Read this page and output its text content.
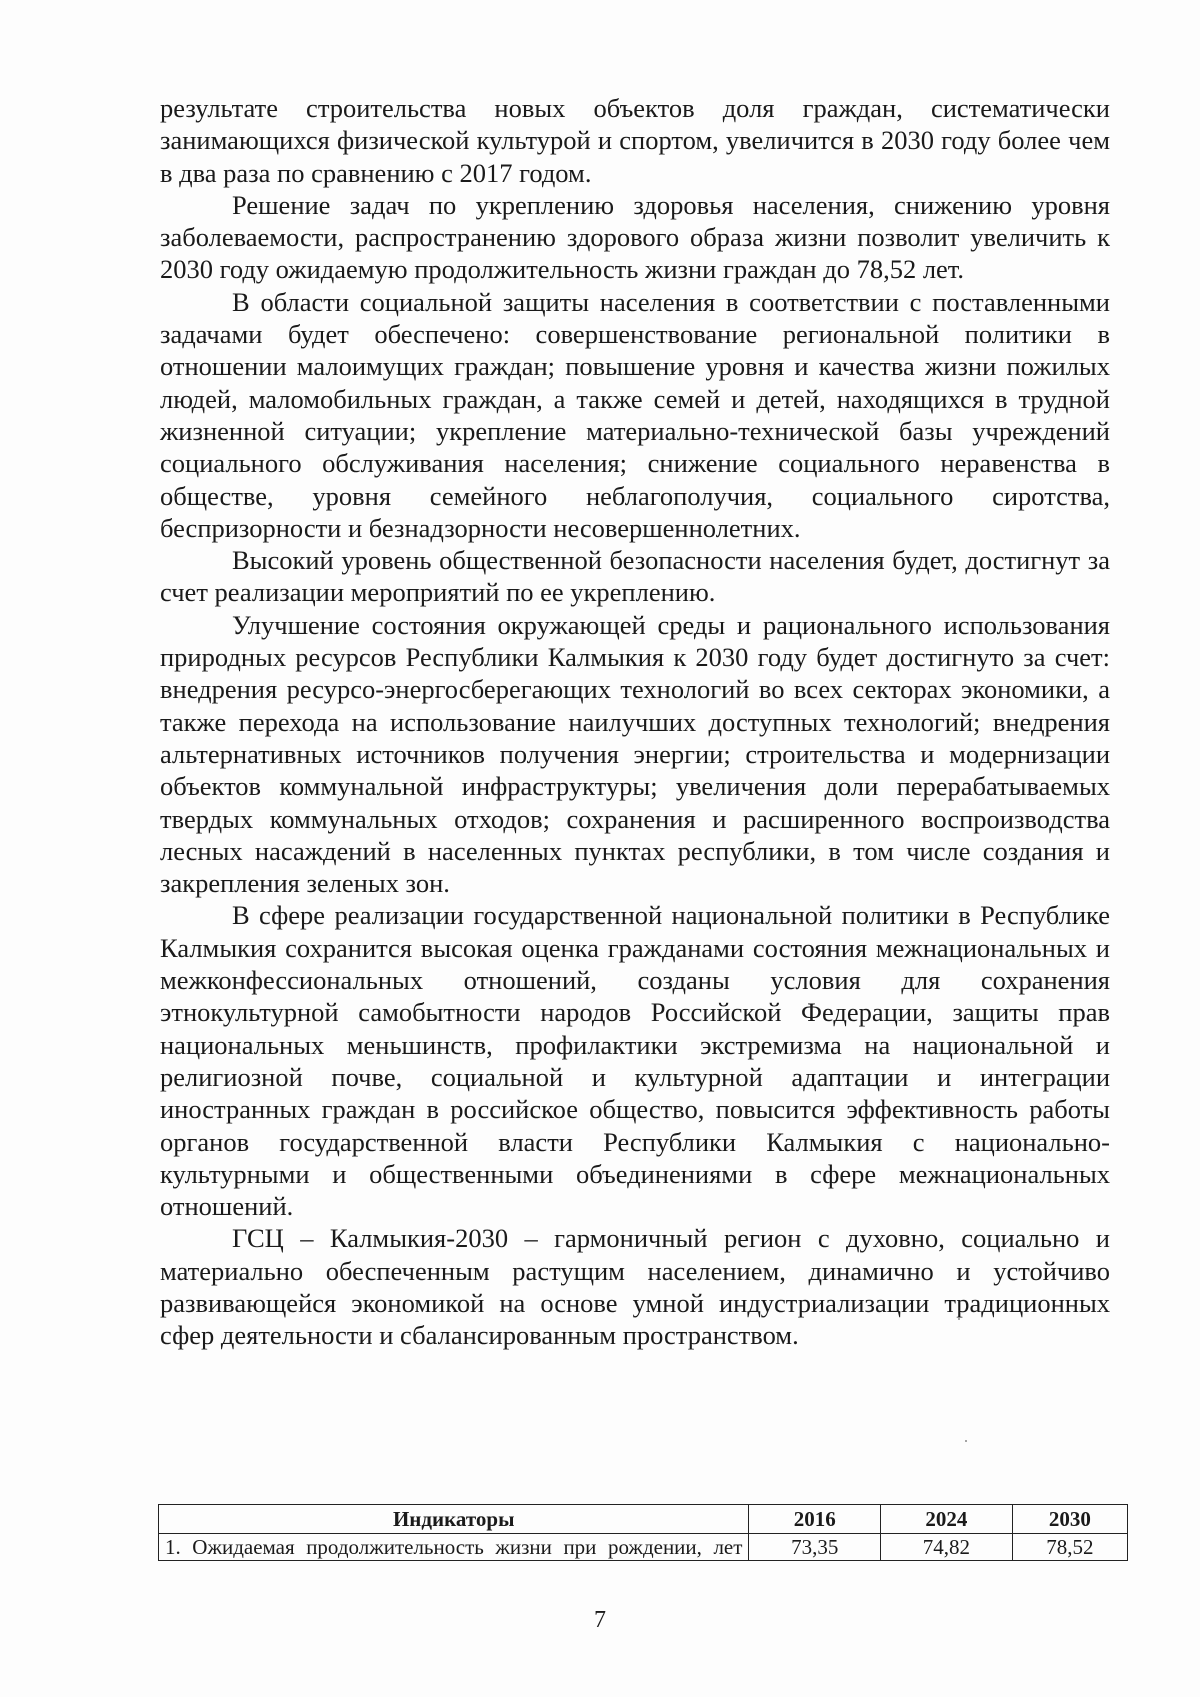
результате строительства новых объектов доля граждан, систематически занимающихся физической культурой и спортом, увеличится в 2030 году более чем в два раза по сравнению с 2017 годом.

Решение задач по укреплению здоровья населения, снижению уровня заболеваемости, распространению здорового образа жизни позволит увеличить к 2030 году ожидаемую продолжительность жизни граждан до 78,52 лет.

В области социальной защиты населения в соответствии с поставленными задачами будет обеспечено: совершенствование региональной политики в отношении малоимущих граждан; повышение уровня и качества жизни пожилых людей, маломобильных граждан, а также семей и детей, находящихся в трудной жизненной ситуации; укрепление материально-технической базы учреждений социального обслуживания населения; снижение социального неравенства в обществе, уровня семейного неблагополучия, социального сиротства, беспризорности и безнадзорности несовершеннолетних.

Высокий уровень общественной безопасности населения будет, достигнут за счет реализации мероприятий по ее укреплению.

Улучшение состояния окружающей среды и рационального использования природных ресурсов Республики Калмыкия к 2030 году будет достигнуто за счет: внедрения ресурсо-энергосберегающих технологий во всех секторах экономики, а также перехода на использование наилучших доступных технологий; внедрения альтернативных источников получения энергии; строительства и модернизации объектов коммунальной инфраструктуры; увеличения доли перерабатываемых твердых коммунальных отходов; сохранения и расширенного воспроизводства лесных насаждений в населенных пунктах республики, в том числе создания и закрепления зеленых зон.

В сфере реализации государственной национальной политики в Республике Калмыкия сохранится высокая оценка гражданами состояния межнациональных и межконфессиональных отношений, созданы условия для сохранения этнокультурной самобытности народов Российской Федерации, защиты прав национальных меньшинств, профилактики экстремизма на национальной и религиозной почве, социальной и культурной адаптации и интеграции иностранных граждан в российское общество, повысится эффективность работы органов государственной власти Республики Калмыкия с национально-культурными и общественными объединениями в сфере межнациональных отношений.

ГСЦ – Калмыкия-2030 – гармоничный регион с духовно, социально и материально обеспеченным растущим населением, динамично и устойчиво развивающейся экономикой на основе умной индустриализации традиционных сфер деятельности и сбалансированным пространством.

Индикаторы	2016	2024	2030
1. Ожидаемая продолжительность жизни при рождении, лет	73,35	74,82	78,52
7
